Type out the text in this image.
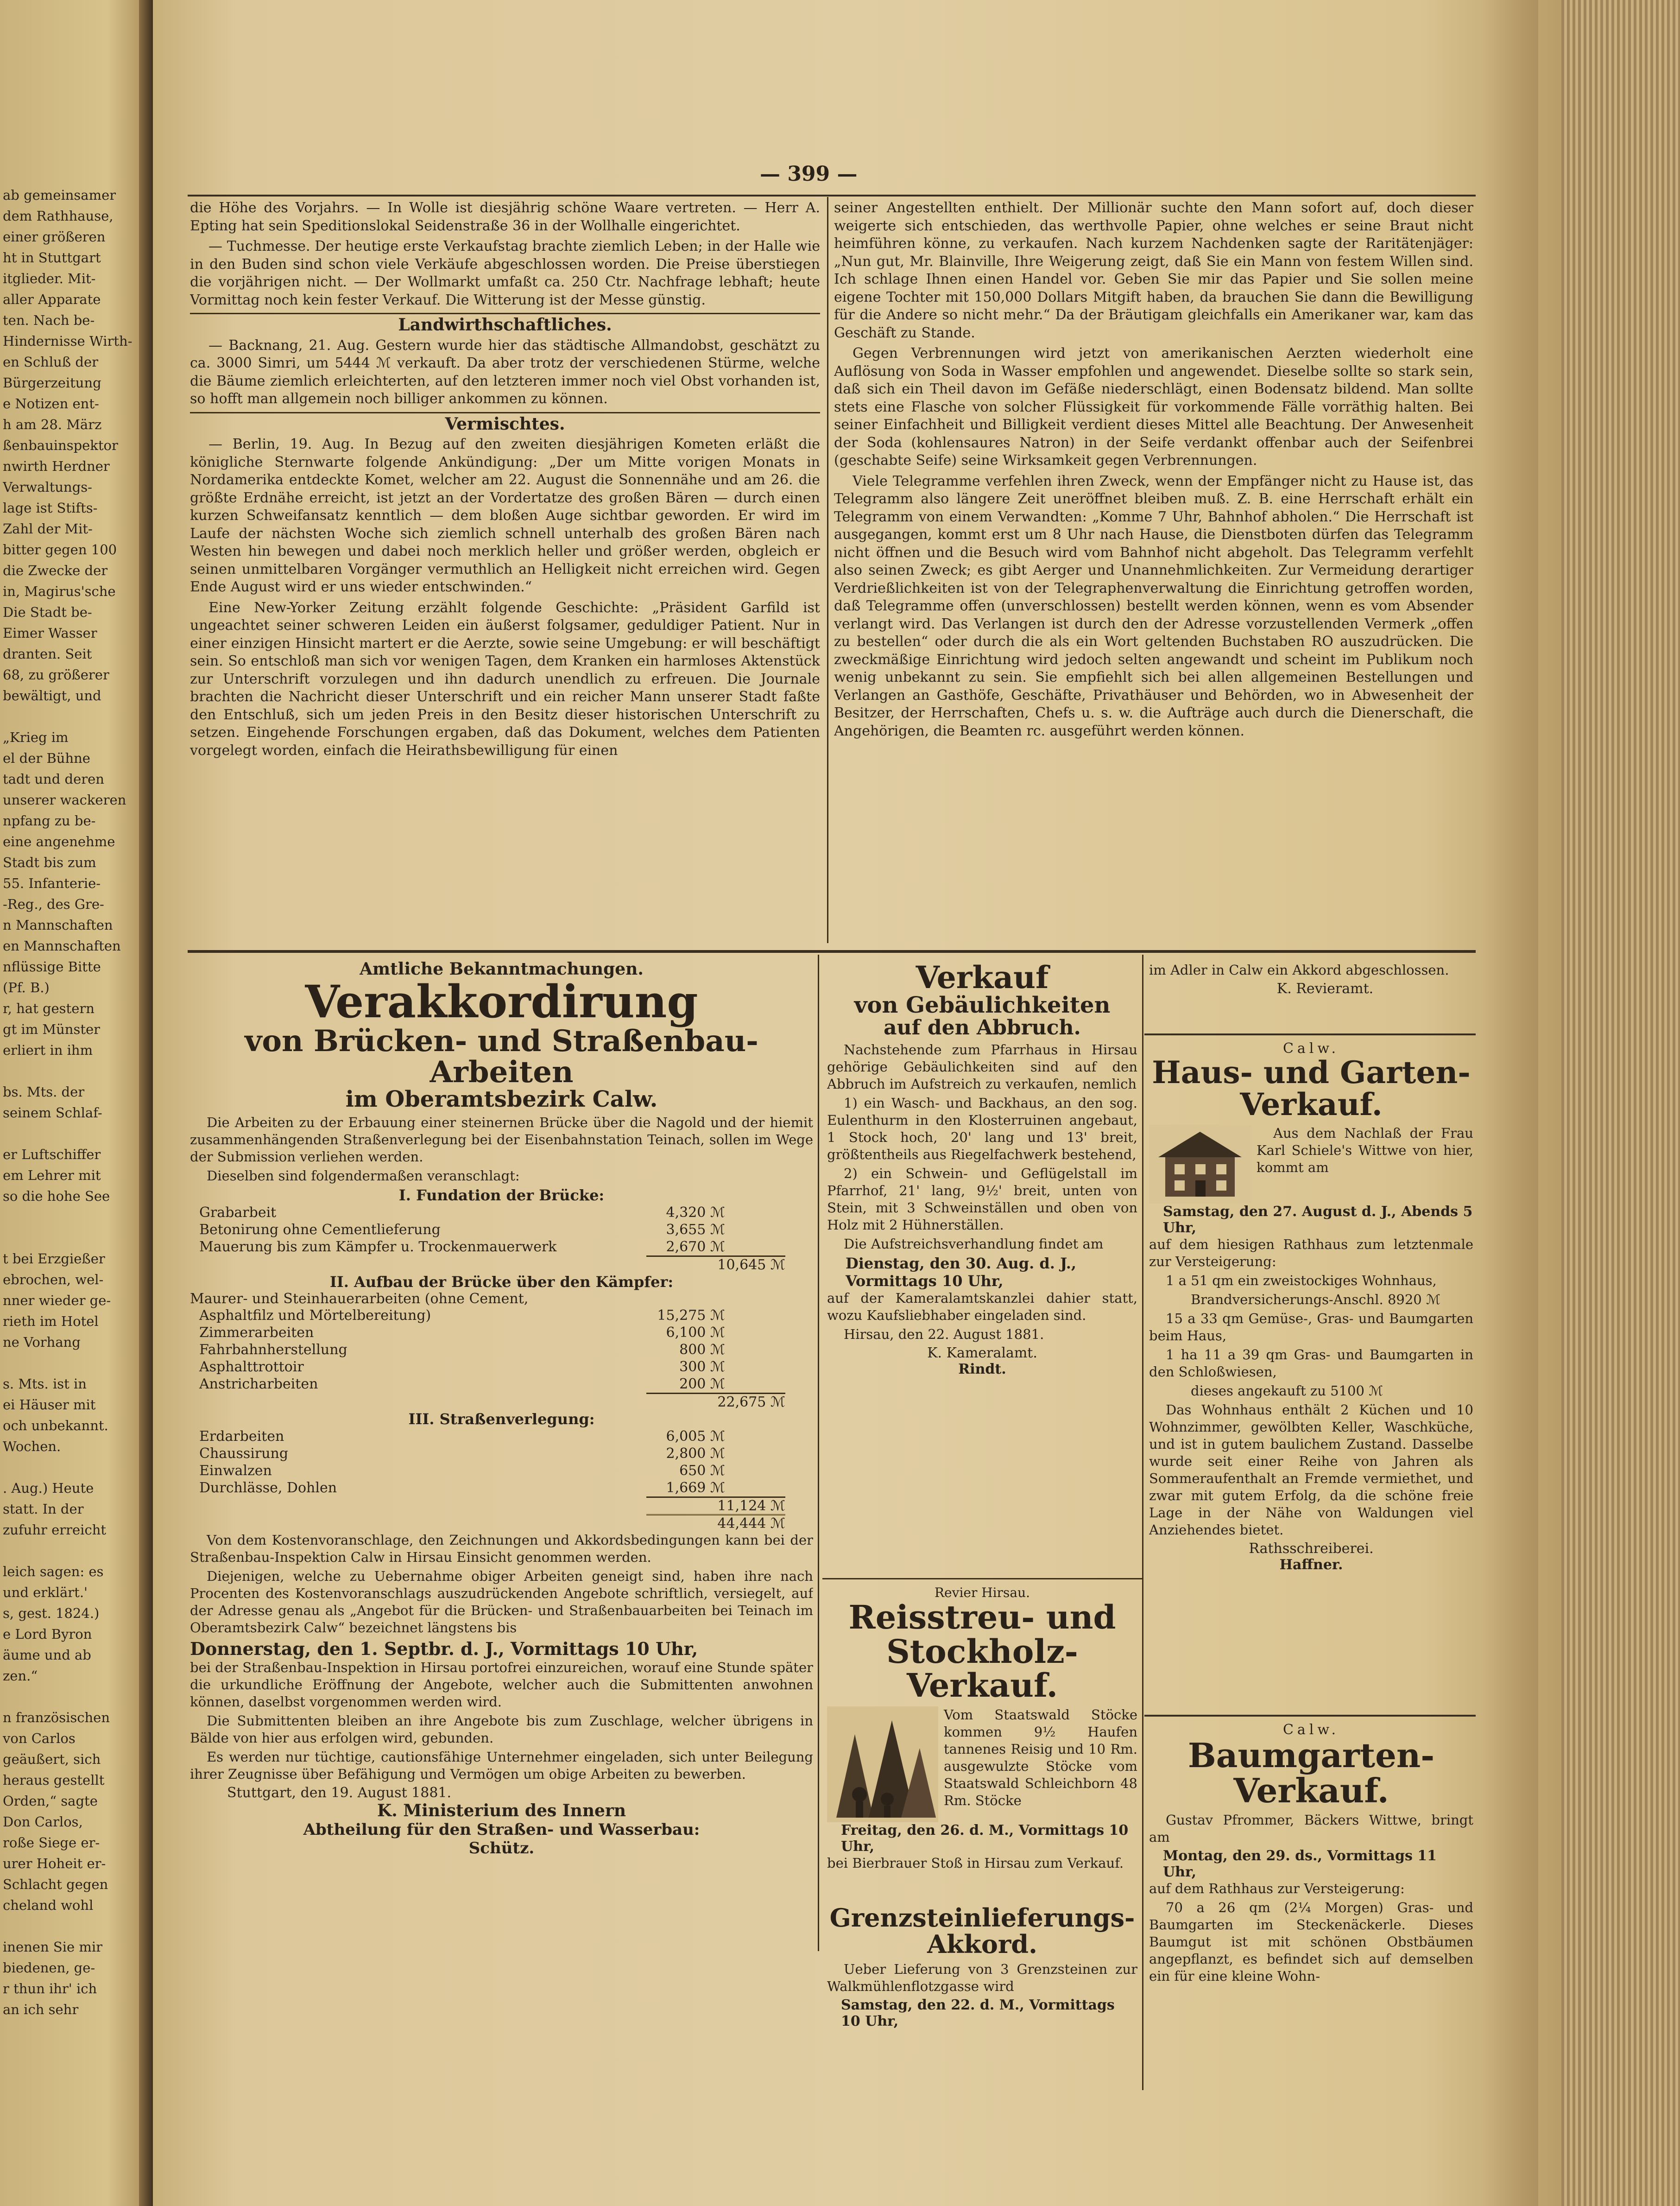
ab gemeinsamer
dem Rathhause,
einer größeren
ht in Stuttgart
itglieder. Mit-
aller Apparate
ten. Nach be-
Hindernisse Wirth-
en Schluß der
Bürgerzeitung
e Notizen ent-
h am 28. März
ßenbauinspektor
nwirth Herdner
Verwaltungs-
lage ist Stifts-
Zahl der Mit-
bitter gegen 100
die Zwecke der
in, Magirus'sche
Die Stadt be-
Eimer Wasser
dranten. Seit
68, zu größerer
bewältigt, und
„Krieg im
el der Bühne
tadt und deren
unserer wackeren
npfang zu be-
eine angenehme
Stadt bis zum
55. Infanterie-
-Reg., des Gre-
n Mannschaften
en Mannschaften
nflüssige Bitte
(Pf. B.)
r, hat gestern
gt im Münster
erliert in ihm
bs. Mts. der
seinem Schlaf-
er Luftschiffer
em Lehrer mit
so die hohe See
t bei Erzgießer
ebrochen, wel-
nner wieder ge-
rieth im Hotel
ne Vorhang
s. Mts. ist in
ei Häuser mit
och unbekannt.
Wochen.
. Aug.) Heute
statt. In der
zufuhr erreicht
leich sagen: es
und erklärt.'
s, gest. 1824.)
e Lord Byron
äume und ab
zen.“
n französischen
von Carlos
geäußert, sich
heraus gestellt
Orden,“ sagte
Don Carlos,
roße Siege er-
urer Hoheit er-
Schlacht gegen
cheland wohl
inenen Sie mir
biedenen, ge-
r thun ihr' ich
an ich sehr
— 399 —

die Höhe des Vorjahrs. — In Wolle ist diesjährig schöne Waare vertreten. — Herr A. Epting hat sein Speditionslokal Seidenstraße 36 in der Wollhalle eingerichtet.

— Tuchmesse. Der heutige erste Verkaufstag brachte ziemlich Leben; in der Halle wie in den Buden sind schon viele Verkäufe abgeschlossen worden. Die Preise überstiegen die vorjährigen nicht. — Der Wollmarkt umfaßt ca. 250 Ctr. Nachfrage lebhaft; heute Vormittag noch kein fester Verkauf. Die Witterung ist der Messe günstig.

Landwirthschaftliches.

— Backnang, 21. Aug. Gestern wurde hier das städtische Allmandobst, geschätzt zu ca. 3000 Simri, um 5444 ℳ verkauft. Da aber trotz der verschiedenen Stürme, welche die Bäume ziemlich erleichterten, auf den letzteren immer noch viel Obst vorhanden ist, so hofft man allgemein noch billiger ankommen zu können.

Vermischtes.

— Berlin, 19. Aug. In Bezug auf den zweiten diesjährigen Kometen erläßt die königliche Sternwarte folgende Ankündigung: „Der um Mitte vorigen Monats in Nordamerika entdeckte Komet, welcher am 22. August die Sonnennähe und am 26. die größte Erdnähe erreicht, ist jetzt an der Vordertatze des großen Bären — durch einen kurzen Schweifansatz kenntlich — dem bloßen Auge sichtbar geworden. Er wird im Laufe der nächsten Woche sich ziemlich schnell unterhalb des großen Bären nach Westen hin bewegen und dabei noch merklich heller und größer werden, obgleich er seinen unmittelbaren Vorgänger vermuthlich an Helligkeit nicht erreichen wird. Gegen Ende August wird er uns wieder entschwinden.“

Eine New-Yorker Zeitung erzählt folgende Geschichte: „Präsident Garfild ist ungeachtet seiner schweren Leiden ein äußerst folgsamer, geduldiger Patient. Nur in einer einzigen Hinsicht martert er die Aerzte, sowie seine Umgebung: er will beschäftigt sein. So entschloß man sich vor wenigen Tagen, dem Kranken ein harmloses Aktenstück zur Unterschrift vorzulegen und ihn dadurch unendlich zu erfreuen. Die Journale brachten die Nachricht dieser Unterschrift und ein reicher Mann unserer Stadt faßte den Entschluß, sich um jeden Preis in den Besitz dieser historischen Unterschrift zu setzen. Eingehende Forschungen ergaben, daß das Dokument, welches dem Patienten vorgelegt worden, einfach die Heirathsbewilligung für einen

seiner Angestellten enthielt. Der Millionär suchte den Mann sofort auf, doch dieser weigerte sich entschieden, das werthvolle Papier, ohne welches er seine Braut nicht heimführen könne, zu verkaufen. Nach kurzem Nachdenken sagte der Raritätenjäger: „Nun gut, Mr. Blainville, Ihre Weigerung zeigt, daß Sie ein Mann von festem Willen sind. Ich schlage Ihnen einen Handel vor. Geben Sie mir das Papier und Sie sollen meine eigene Tochter mit 150,000 Dollars Mitgift haben, da brauchen Sie dann die Bewilligung für die Andere so nicht mehr.“ Da der Bräutigam gleichfalls ein Amerikaner war, kam das Geschäft zu Stande.

Gegen Verbrennungen wird jetzt von amerikanischen Aerzten wiederholt eine Auflösung von Soda in Wasser empfohlen und angewendet. Dieselbe sollte so stark sein, daß sich ein Theil davon im Gefäße niederschlägt, einen Bodensatz bildend. Man sollte stets eine Flasche von solcher Flüssigkeit für vorkommende Fälle vorräthig halten. Bei seiner Einfachheit und Billigkeit verdient dieses Mittel alle Beachtung. Der Anwesenheit der Soda (kohlensaures Natron) in der Seife verdankt offenbar auch der Seifenbrei (geschabte Seife) seine Wirksamkeit gegen Verbrennungen.

Viele Telegramme verfehlen ihren Zweck, wenn der Empfänger nicht zu Hause ist, das Telegramm also längere Zeit uneröffnet bleiben muß. Z. B. eine Herrschaft erhält ein Telegramm von einem Verwandten: „Komme 7 Uhr, Bahnhof abholen.“ Die Herrschaft ist ausgegangen, kommt erst um 8 Uhr nach Hause, die Dienstboten dürfen das Telegramm nicht öffnen und die Besuch wird vom Bahnhof nicht abgeholt. Das Telegramm verfehlt also seinen Zweck; es gibt Aerger und Unannehmlichkeiten. Zur Vermeidung derartiger Verdrießlichkeiten ist von der Telegraphenverwaltung die Einrichtung getroffen worden, daß Telegramme offen (unverschlossen) bestellt werden können, wenn es vom Absender verlangt wird. Das Verlangen ist durch den der Adresse vorzustellenden Vermerk „offen zu bestellen“ oder durch die als ein Wort geltenden Buchstaben RO auszudrücken. Die zweckmäßige Einrichtung wird jedoch selten angewandt und scheint im Publikum noch wenig unbekannt zu sein. Sie empfiehlt sich bei allen allgemeinen Bestellungen und Verlangen an Gasthöfe, Geschäfte, Privathäuser und Behörden, wo in Abwesenheit der Besitzer, der Herrschaften, Chefs u. s. w. die Aufträge auch durch die Dienerschaft, die Angehörigen, die Beamten rc. ausgeführt werden können.

Amtliche Bekanntmachungen.
Verakkordirung
von Brücken- und Straßenbau-Arbeiten
im Oberamtsbezirk Calw.

Die Arbeiten zu der Erbauung einer steinernen Brücke über die Nagold und der hiemit zusammenhängenden Straßenverlegung bei der Eisenbahnstation Teinach, sollen im Wege der Submission verliehen werden.

Dieselben sind folgendermaßen veranschlagt:

I. Fundation der Brücke:
Grabarbeit	4,320 ℳ	
Betonirung ohne Cementlieferung	3,655 ℳ	
Mauerung bis zum Kämpfer u. Trockenmauerwerk	2,670 ℳ	
10,645 ℳ
II. Aufbau der Brücke über den Kämpfer:
Maurer- und Steinhauerarbeiten (ohne Cement,
Asphaltfilz und Mörtelbereitung)	15,275 ℳ	
Zimmerarbeiten	6,100 ℳ	
Fahrbahnherstellung	800 ℳ	
Asphalttrottoir	300 ℳ	
Anstricharbeiten	200 ℳ	
22,675 ℳ
III. Straßenverlegung:
Erdarbeiten	6,005 ℳ	
Chaussirung	2,800 ℳ	
Einwalzen	650 ℳ	
Durchlässe, Dohlen	1,669 ℳ	
11,124 ℳ
44,444 ℳ

Von dem Kostenvoranschlage, den Zeichnungen und Akkordsbedingungen kann bei der Straßenbau-Inspektion Calw in Hirsau Einsicht genommen werden.

Diejenigen, welche zu Uebernahme obiger Arbeiten geneigt sind, haben ihre nach Procenten des Kostenvoranschlags auszudrückenden Angebote schriftlich, versiegelt, auf der Adresse genau als „Angebot für die Brücken- und Straßenbauarbeiten bei Teinach im Oberamtsbezirk Calw“ bezeichnet längstens bis

Donnerstag, den 1. Septbr. d. J., Vormittags 10 Uhr,

bei der Straßenbau-Inspektion in Hirsau portofrei einzureichen, worauf eine Stunde später die urkundliche Eröffnung der Angebote, welcher auch die Submittenten anwohnen können, daselbst vorgenommen werden wird.

Die Submittenten bleiben an ihre Angebote bis zum Zuschlage, welcher übrigens in Bälde von hier aus erfolgen wird, gebunden.

Es werden nur tüchtige, cautionsfähige Unternehmer eingeladen, sich unter Beilegung ihrer Zeugnisse über Befähigung und Vermögen um obige Arbeiten zu bewerben.

Stuttgart, den 19. August 1881.
K. Ministerium des Innern
Abtheilung für den Straßen- und Wasserbau:
Schütz.
Verkauf
von Gebäulichkeiten
auf den Abbruch.

Nachstehende zum Pfarrhaus in Hirsau gehörige Gebäulichkeiten sind auf den Abbruch im Aufstreich zu verkaufen, nemlich

1) ein Wasch- und Backhaus, an den sog. Eulenthurm in den Klosterruinen angebaut, 1 Stock hoch, 20' lang und 13' breit, größtentheils aus Riegelfachwerk bestehend,

2) ein Schwein- und Geflügelstall im Pfarrhof, 21' lang, 9½' breit, unten von Stein, mit 3 Schweinställen und oben von Holz mit 2 Hühnerställen.

Die Aufstreichsverhandlung findet am

Dienstag, den 30. Aug. d. J., Vormittags 10 Uhr,

auf der Kameralamtskanzlei dahier statt, wozu Kaufsliebhaber eingeladen sind.

Hirsau, den 22. August 1881.

K. Kameralamt.
Rindt.
Revier Hirsau.
Reisstreu- und
Stockholz-Verkauf.

Vom Staatswald Stöcke kommen 9½ Haufen tannenes Reisig und 10 Rm. ausgewulzte Stöcke vom Staatswald Schleichborn 48 Rm. Stöcke

Freitag, den 26. d. M., Vormittags 10 Uhr,

bei Bierbrauer Stoß in Hirsau zum Verkauf.

Grenzsteinlieferungs-
Akkord.

Ueber Lieferung von 3 Grenzsteinen zur Walkmühlenflotzgasse wird

Samstag, den 22. d. M., Vormittags 10 Uhr,

im Adler in Calw ein Akkord abgeschlossen.

K. Revieramt.
Calw.
Haus- und Garten-
Verkauf.

Aus dem Nachlaß der Frau Karl Schiele's Wittwe von hier, kommt am

Samstag, den 27. August d. J., Abends 5 Uhr,

auf dem hiesigen Rathhaus zum letztenmale zur Versteigerung:

1 a 51 qm ein zweistockiges Wohnhaus,

Brandversicherungs-Anschl. 8920 ℳ

15 a 33 qm Gemüse-, Gras- und Baumgarten beim Haus,

1 ha 11 a 39 qm Gras- und Baumgarten in den Schloßwiesen,

dieses angekauft zu 5100 ℳ

Das Wohnhaus enthält 2 Küchen und 10 Wohnzimmer, gewölbten Keller, Waschküche, und ist in gutem baulichem Zustand. Dasselbe wurde seit einer Reihe von Jahren als Sommeraufenthalt an Fremde vermiethet, und zwar mit gutem Erfolg, da die schöne freie Lage in der Nähe von Waldungen viel Anziehendes bietet.

Rathsschreiberei.
Haffner.
Calw.
Baumgarten-
Verkauf.

Gustav Pfrommer, Bäckers Wittwe, bringt am

Montag, den 29. ds., Vormittags 11 Uhr,

auf dem Rathhaus zur Versteigerung:

70 a 26 qm (2¼ Morgen) Gras- und Baumgarten im Steckenäckerle. Dieses Baumgut ist mit schönen Obstbäumen angepflanzt, es befindet sich auf demselben ein für eine kleine Wohn-
